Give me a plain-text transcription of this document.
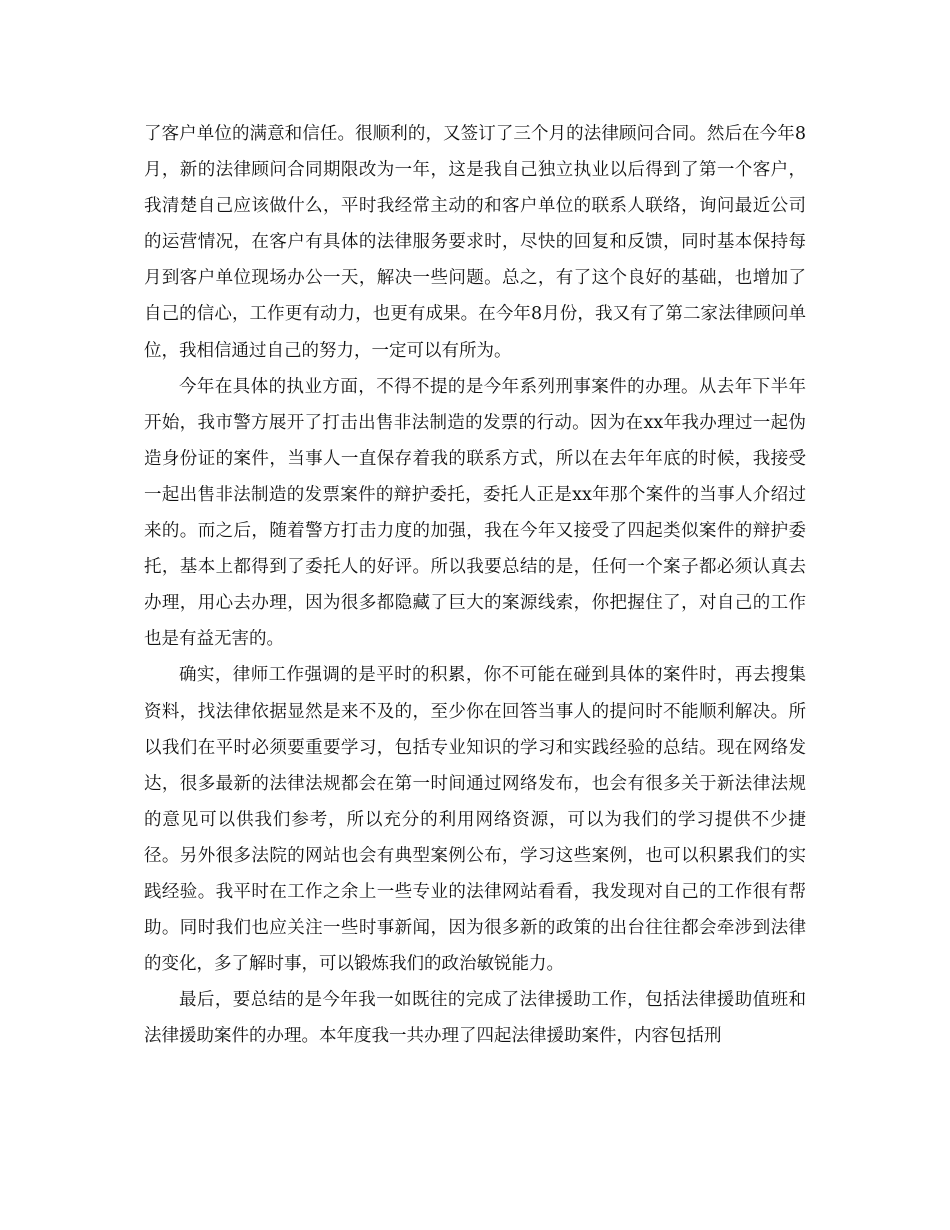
了客户单位的满意和信任。很顺利的，又签订了三个月的法律顾问合同。然后在今年8月，新的法律顾问合同期限改为一年，这是我自己独立执业以后得到了第一个客户，我清楚自己应该做什么，平时我经常主动的和客户单位的联系人联络，询问最近公司的运营情况，在客户有具体的法律服务要求时，尽快的回复和反馈，同时基本保持每月到客户单位现场办公一天，解决一些问题。总之，有了这个良好的基础，也增加了自己的信心，工作更有动力，也更有成果。在今年8月份，我又有了第二家法律顾问单位，我相信通过自己的努力，一定可以有所为。

今年在具体的执业方面，不得不提的是今年系列刑事案件的办理。从去年下半年开始，我市警方展开了打击出售非法制造的发票的行动。因为在xx年我办理过一起伪造身份证的案件，当事人一直保存着我的联系方式，所以在去年年底的时候，我接受一起出售非法制造的发票案件的辩护委托，委托人正是xx年那个案件的当事人介绍过来的。而之后，随着警方打击力度的加强，我在今年又接受了四起类似案件的辩护委托，基本上都得到了委托人的好评。所以我要总结的是，任何一个案子都必须认真去办理，用心去办理，因为很多都隐藏了巨大的案源线索，你把握住了，对自己的工作也是有益无害的。

确实，律师工作强调的是平时的积累，你不可能在碰到具体的案件时，再去搜集资料，找法律依据显然是来不及的，至少你在回答当事人的提问时不能顺利解决。所以我们在平时必须要重要学习，包括专业知识的学习和实践经验的总结。现在网络发达，很多最新的法律法规都会在第一时间通过网络发布，也会有很多关于新法律法规的意见可以供我们参考，所以充分的利用网络资源，可以为我们的学习提供不少捷径。另外很多法院的网站也会有典型案例公布，学习这些案例，也可以积累我们的实践经验。我平时在工作之余上一些专业的法律网站看看，我发现对自己的工作很有帮助。同时我们也应关注一些时事新闻，因为很多新的政策的出台往往都会牵涉到法律的变化，多了解时事，可以锻炼我们的政治敏锐能力。

最后，要总结的是今年我一如既往的完成了法律援助工作，包括法律援助值班和法律援助案件的办理。本年度我一共办理了四起法律援助案件，内容包括刑
